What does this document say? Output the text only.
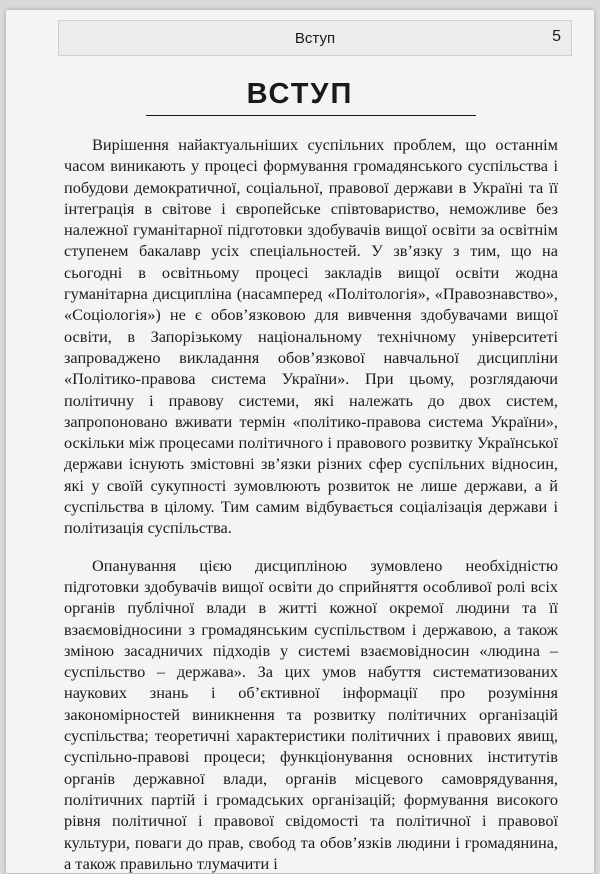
Вступ	5
ВСТУП

Вирішення найактуальніших суспільних проблем, що останнім часом виникають у процесі формування громадянського суспільства і побудови демократичної, соціальної, правової держави в Україні та її інтеграція в світове і європейське співтовариство, неможливе без належної гуманітарної підготовки здобувачів вищої освіти за освітнім ступенем бакалавр усіх спеціальностей. У зв’язку з тим, що на сьогодні в освітньому процесі закладів вищої освіти жодна гуманітарна дисципліна (насамперед «Політологія», «Правознавство», «Соціологія») не є обов’язковою для вивчення здобувачами вищої освіти, в Запорізькому національному технічному університеті запроваджено викладання обов’язкової навчальної дисципліни «Політико-правова система України». При цьому, розглядаючи політичну і правову системи, які належать до двох систем, запропоновано вживати термін «політико-правова система України», оскільки між процесами політичного і правового розвитку Української держави існують змістовні зв’язки різних сфер суспільних відносин, які у своїй сукупності зумовлюють розвиток не лише держави, а й суспільства в цілому. Тим самим відбувається соціалізація держави і політизація суспільства.

Опанування цією дисципліною зумовлено необхідністю підготовки здобувачів вищої освіти до сприйняття особливої ролі всіх органів публічної влади в житті кожної окремої людини та її взаємовідносини з громадянським суспільством і державою, а також зміною засадничих підходів у системі взаємовідносин «людина – суспільство – держава». За цих умов набуття систематизованих наукових знань і об’єктивної інформації про розуміння закономірностей виникнення та розвитку політичних організацій суспільства; теоретичні характеристики політичних і правових явищ, суспільно-правові процеси; функціонування основних інститутів органів державної влади, органів місцевого самоврядування, політичних партій і громадських організацій; формування високого рівня політичної і правової свідомості та політичної і правової культури, поваги до прав, свобод та обов’язків людини і громадянина, а також правильно тлумачити і
